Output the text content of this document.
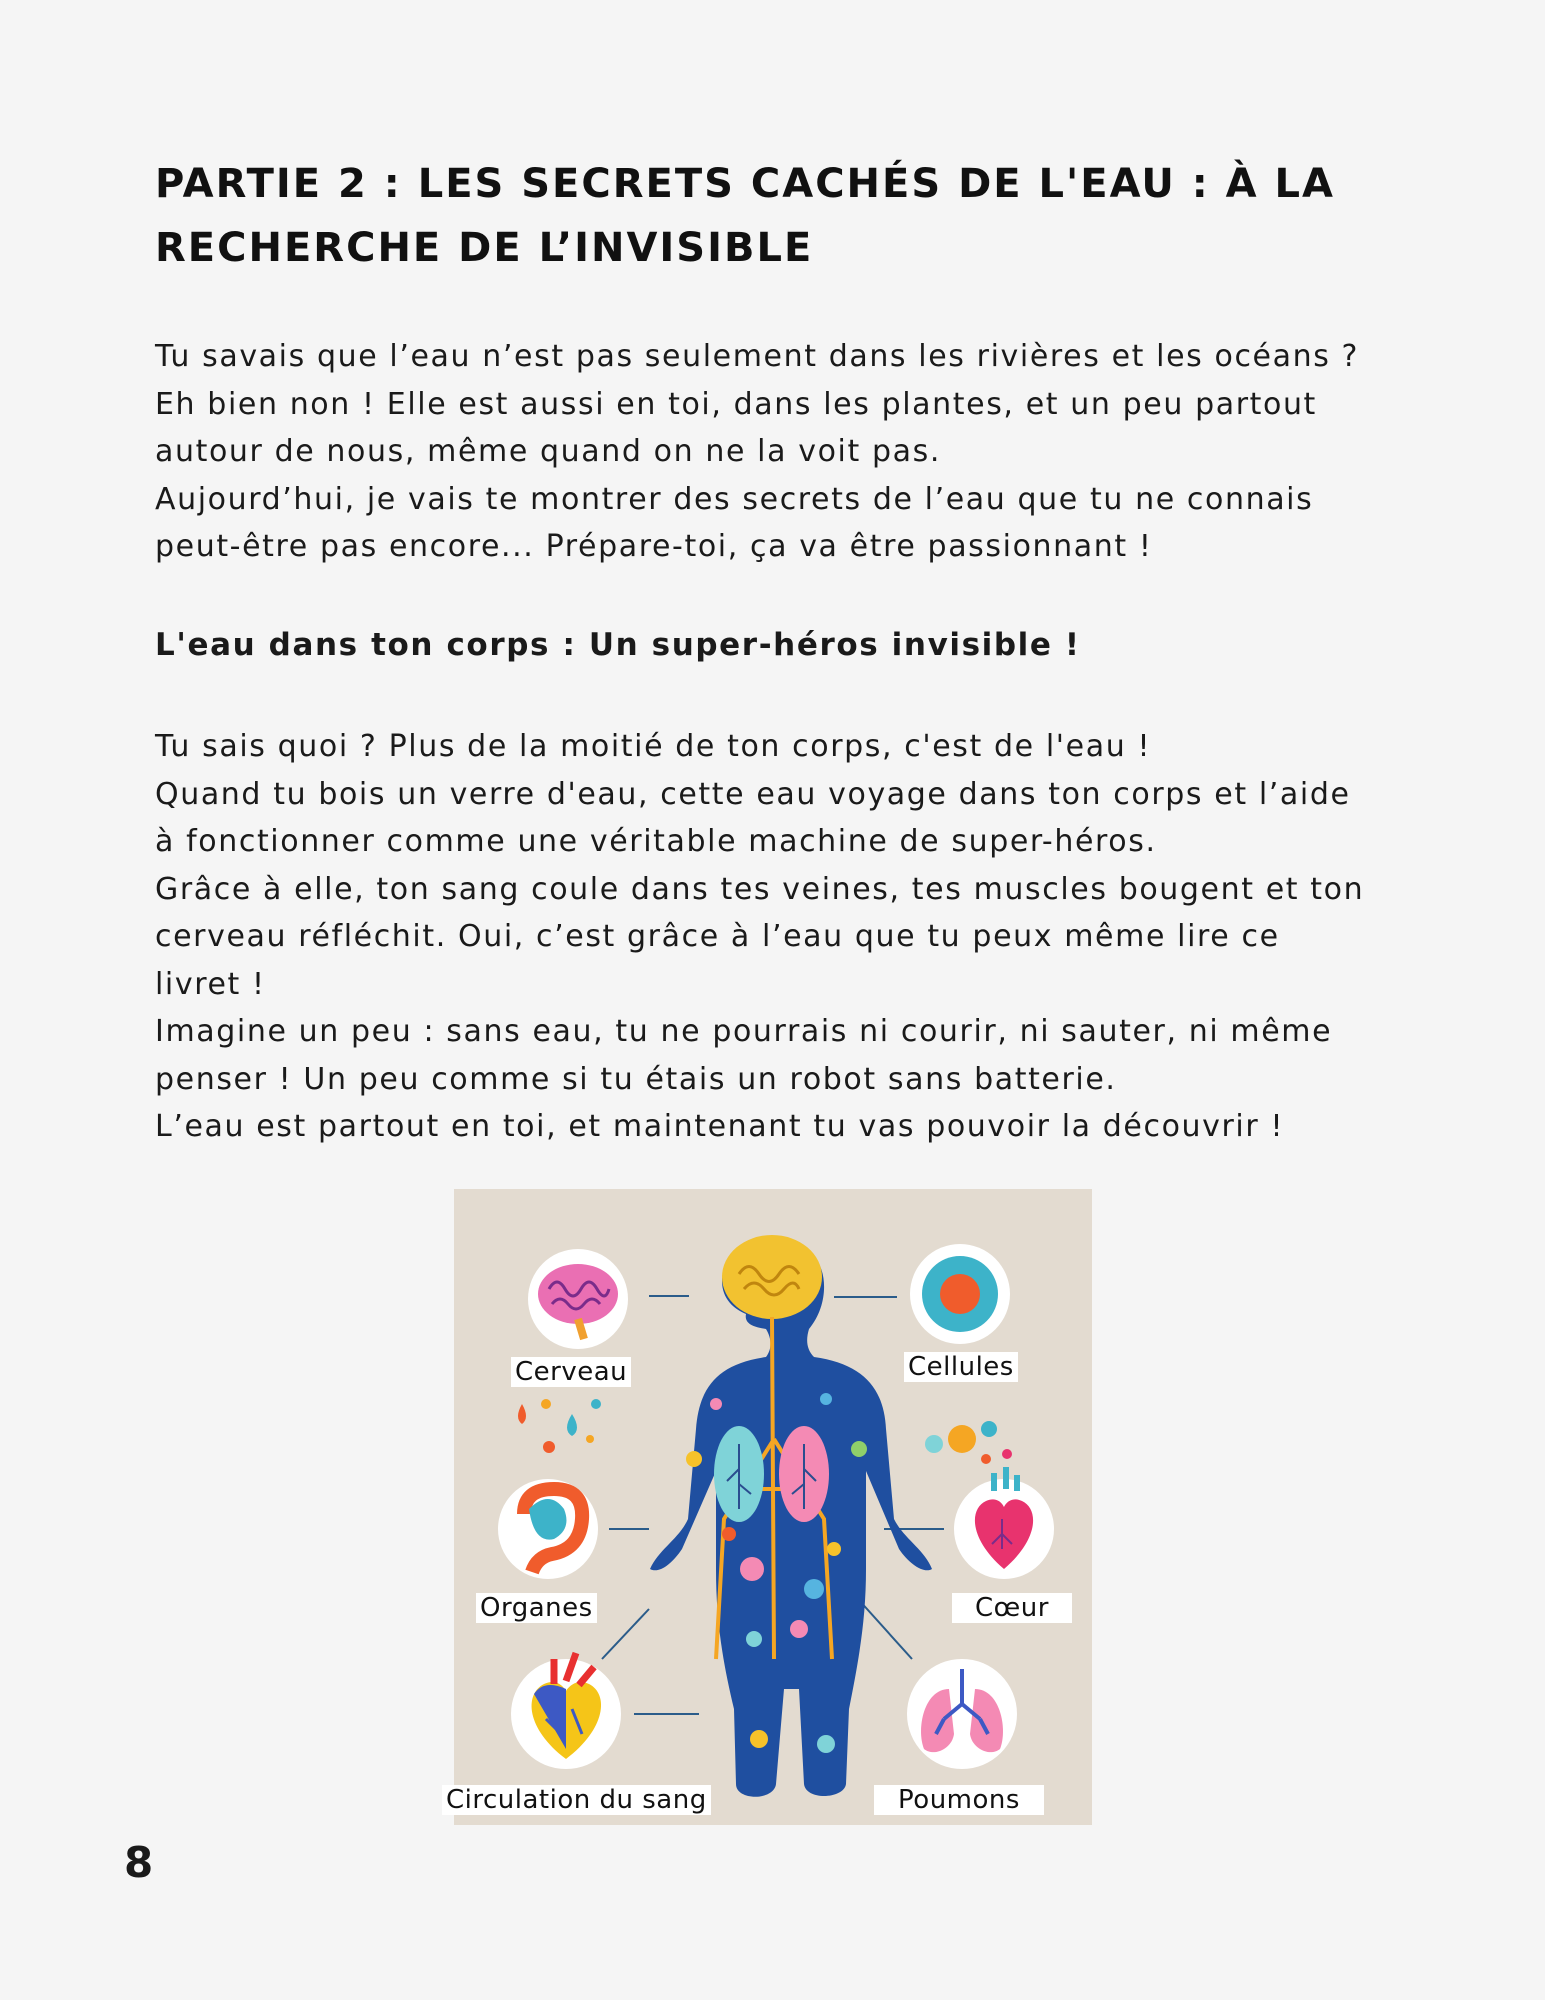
PARTIE 2 : LES SECRETS CACHÉS DE L'EAU : À LA
RECHERCHE DE L’INVISIBLE

Tu savais que l’eau n’est pas seulement dans les rivières et les océans ?
Eh bien non ! Elle est aussi en toi, dans les plantes, et un peu partout
autour de nous, même quand on ne la voit pas.
Aujourd’hui, je vais te montrer des secrets de l’eau que tu ne connais
peut-être pas encore... Prépare-toi, ça va être passionnant !

L'eau dans ton corps : Un super-héros invisible !

Tu sais quoi ? Plus de la moitié de ton corps, c'est de l'eau !
Quand tu bois un verre d'eau, cette eau voyage dans ton corps et l’aide
à fonctionner comme une véritable machine de super-héros.
Grâce à elle, ton sang coule dans tes veines, tes muscles bougent et ton
cerveau réfléchit. Oui, c’est grâce à l’eau que tu peux même lire ce
livret !
Imagine un peu : sans eau, tu ne pourrais ni courir, ni sauter, ni même
penser ! Un peu comme si tu étais un robot sans batterie.
L’eau est partout en toi, et maintenant tu vas pouvoir la découvrir !

Cerveau	Cellules
Organes	Cœur
Circulation du sang	Poumons
8
